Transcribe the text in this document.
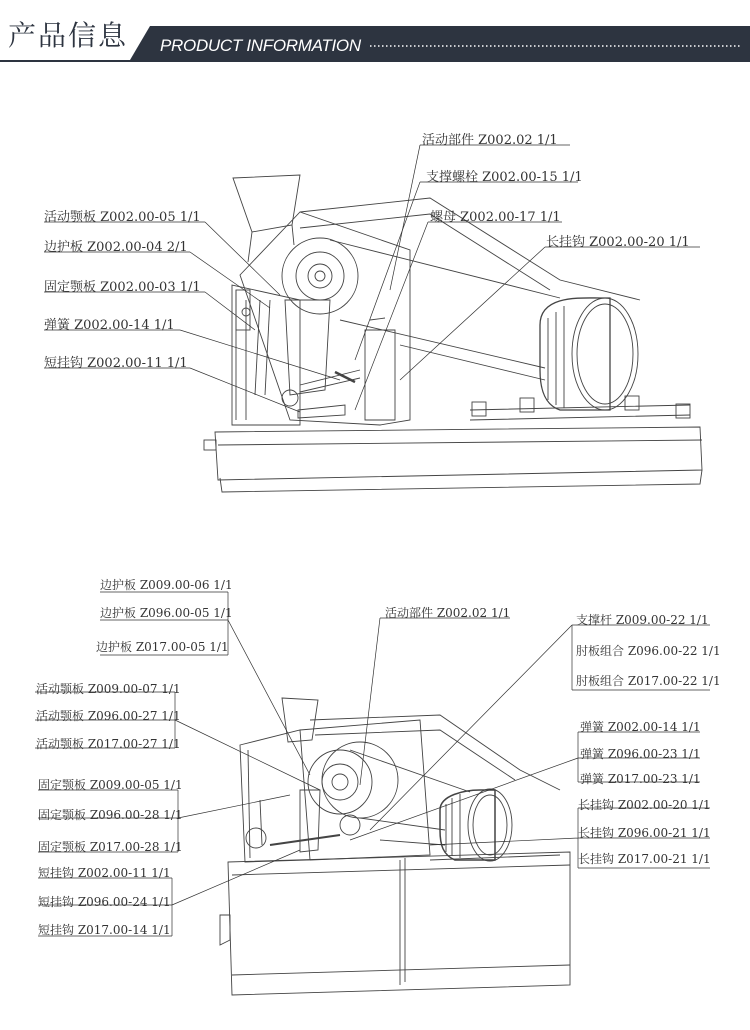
产品信息 PRODUCT INFORMATION
活动部件 Z002.02 1/1
支撑螺栓 Z002.00-15 1/1
螺母 Z002.00-17 1/1
长挂钩 Z002.00-20 1/1
活动颚板 Z002.00-05 1/1
边护板 Z002.00-04 2/1
固定颚板 Z002.00-03 1/1
弹簧 Z002.00-14 1/1
短挂钩 Z002.00-11 1/1
边护板 Z009.00-06 1/1
边护板 Z096.00-05 1/1
边护板 Z017.00-05 1/1
活动部件 Z002.02 1/1	支撑杆 Z009.00-22 1/1
肘板组合 Z096.00-22 1/1
肘板组合 Z017.00-22 1/1
活动颚板 Z009.00-07 1/1
活动颚板 Z096.00-27 1/1
活动颚板 Z017.00-27 1/1
弹簧 Z002.00-14 1/1
弹簧 Z096.00-23 1/1
弹簧 Z017.00-23 1/1
固定颚板 Z009.00-05 1/1
固定颚板 Z096.00-28 1/1
固定颚板 Z017.00-28 1/1
长挂钩 Z002.00-20 1/1
长挂钩 Z096.00-21 1/1
长挂钩 Z017.00-21 1/1
短挂钩 Z002.00-11 1/1
短挂钩 Z096.00-24 1/1
短挂钩 Z017.00-14 1/1
